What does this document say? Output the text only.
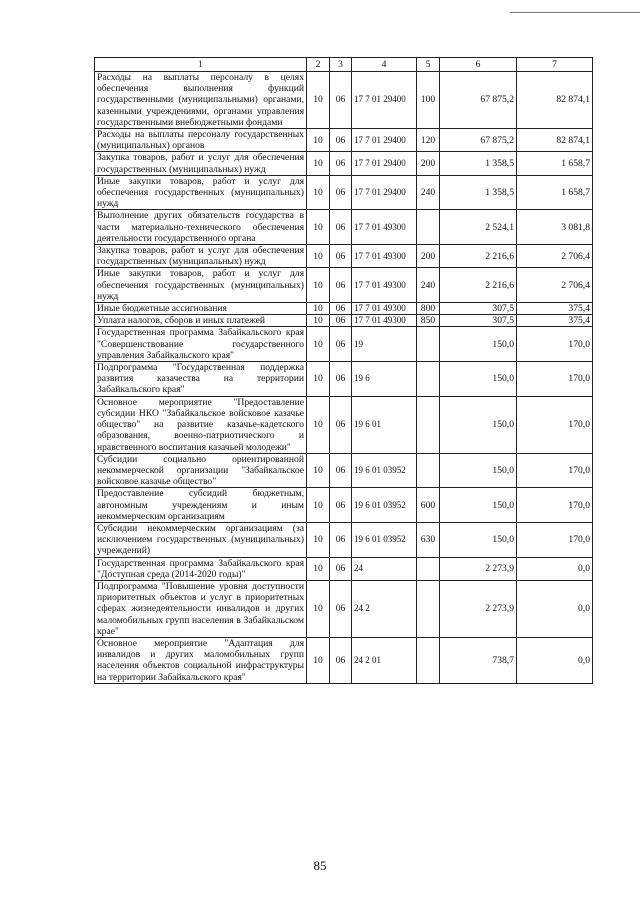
1	2	3	4	5	6	7
Расходы на выплаты персоналу в целях обеспечения выполнения функций государственными (муниципальными) органами, казенными учреждениями, органами управления государственными внебюджетными фондами	10	06	17 7 01 29400	100	67 875,2	82 874,1
Расходы на выплаты персоналу государственных (муниципальных) органов	10	06	17 7 01 29400	120	67 875,2	82 874,1
Закупка товаров, работ и услуг для обеспечения государственных (муниципальных) нужд	10	06	17 7 01 29400	200	1 358,5	1 658,7
Иные закупки товаров, работ и услуг для обеспечения государственных (муниципальных) нужд	10	06	17 7 01 29400	240	1 358,5	1 658,7
Выполнение других обязательств государства в части материально-технического обеспечения деятельности государственного органа	10	06	17 7 01 49300		2 524,1	3 081,8
Закупка товаров, работ и услуг для обеспечения государственных (муниципальных) нужд	10	06	17 7 01 49300	200	2 216,6	2 706,4
Иные закупки товаров, работ и услуг для обеспечения государственных (муниципальных) нужд	10	06	17 7 01 49300	240	2 216,6	2 706,4
Иные бюджетные ассигнования	10	06	17 7 01 49300	800	307,5	375,4
Уплата налогов, сборов и иных платежей	10	06	17 7 01 49300	850	307,5	375,4
Государственная программа Забайкальского края "Совершенствование государственного управления Забайкальского края"	10	06	19		150,0	170,0
Подпрограмма "Государственная поддержка развития казачества на территории Забайкальского края"	10	06	19 6		150,0	170,0
Основное мероприятие "Предоставление субсидии НКО "Забайкальское войсковое казачье общество" на развитие казачье-кадетского образования, военно-патриотического и нравственного воспитания казачьей молодежи"	10	06	19 6 01		150,0	170,0
Субсидии социально ориентированной некоммерческой организации "Забайкальское войсковое казачье общество"	10	06	19 6 01 03952		150,0	170,0
Предоставление субсидий бюджетным, автономным учреждениям и иным некоммерческим организациям	10	06	19 6 01 03952	600	150,0	170,0
Субсидии некоммерческим организациям (за исключением государственных (муниципальных) учреждений)	10	06	19 6 01 03952	630	150,0	170,0
Государственная программа Забайкальского края "Доступная среда (2014-2020 годы)"	10	06	24		2 273,9	0,0
Подпрограмма "Повышение уровня доступности приоритетных объектов и услуг в приоритетных сферах жизнедеятельности инвалидов и других маломобильных групп населения в Забайкальском крае"	10	06	24 2		2 273,9	0,0
Основное мероприятие "Адаптация для инвалидов и других маломобильных групп населения объектов социальной инфраструктуры на территории Забайкальского края"	10	06	24 2 01		738,7	0,0
85
